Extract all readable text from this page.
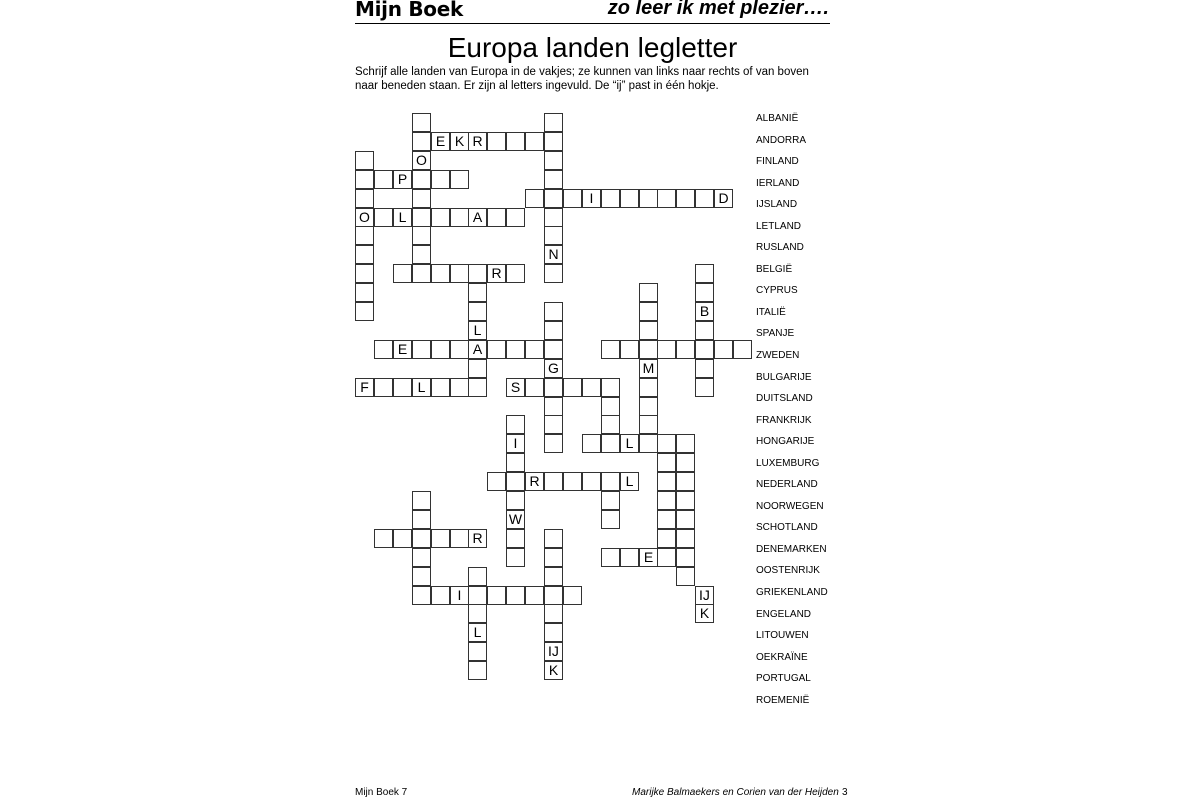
Mijn Boek	zo leer ik met plezier….
Europa landen legletter

Schrijf alle landen van Europa in de vakjes; ze kunnen van links naar rechts of van boven

naar beneden staan. Er zijn al letters ingevuld. De “ij” past in één hokje.

E K R
O
P
I	D
O	L	A
N
R
B
L
E	A
G	M
F	L	S
I	L
R	L
W
R
E
I	IJ
K
L
IJ
K
ALBANIË
ANDORRA
FINLAND
IERLAND
IJSLAND
LETLAND
RUSLAND
BELGIË
CYPRUS
ITALIË
SPANJE
ZWEDEN
BULGARIJE
DUITSLAND
FRANKRIJK
HONGARIJE
LUXEMBURG
NEDERLAND
NOORWEGEN
SCHOTLAND
DENEMARKEN
OOSTENRIJK
GRIEKENLAND
ENGELAND
LITOUWEN
OEKRAÏNE
PORTUGAL
ROEMENIË
Mijn Boek 7	Marijke Balmaekers en Corien van der Heijden 3
